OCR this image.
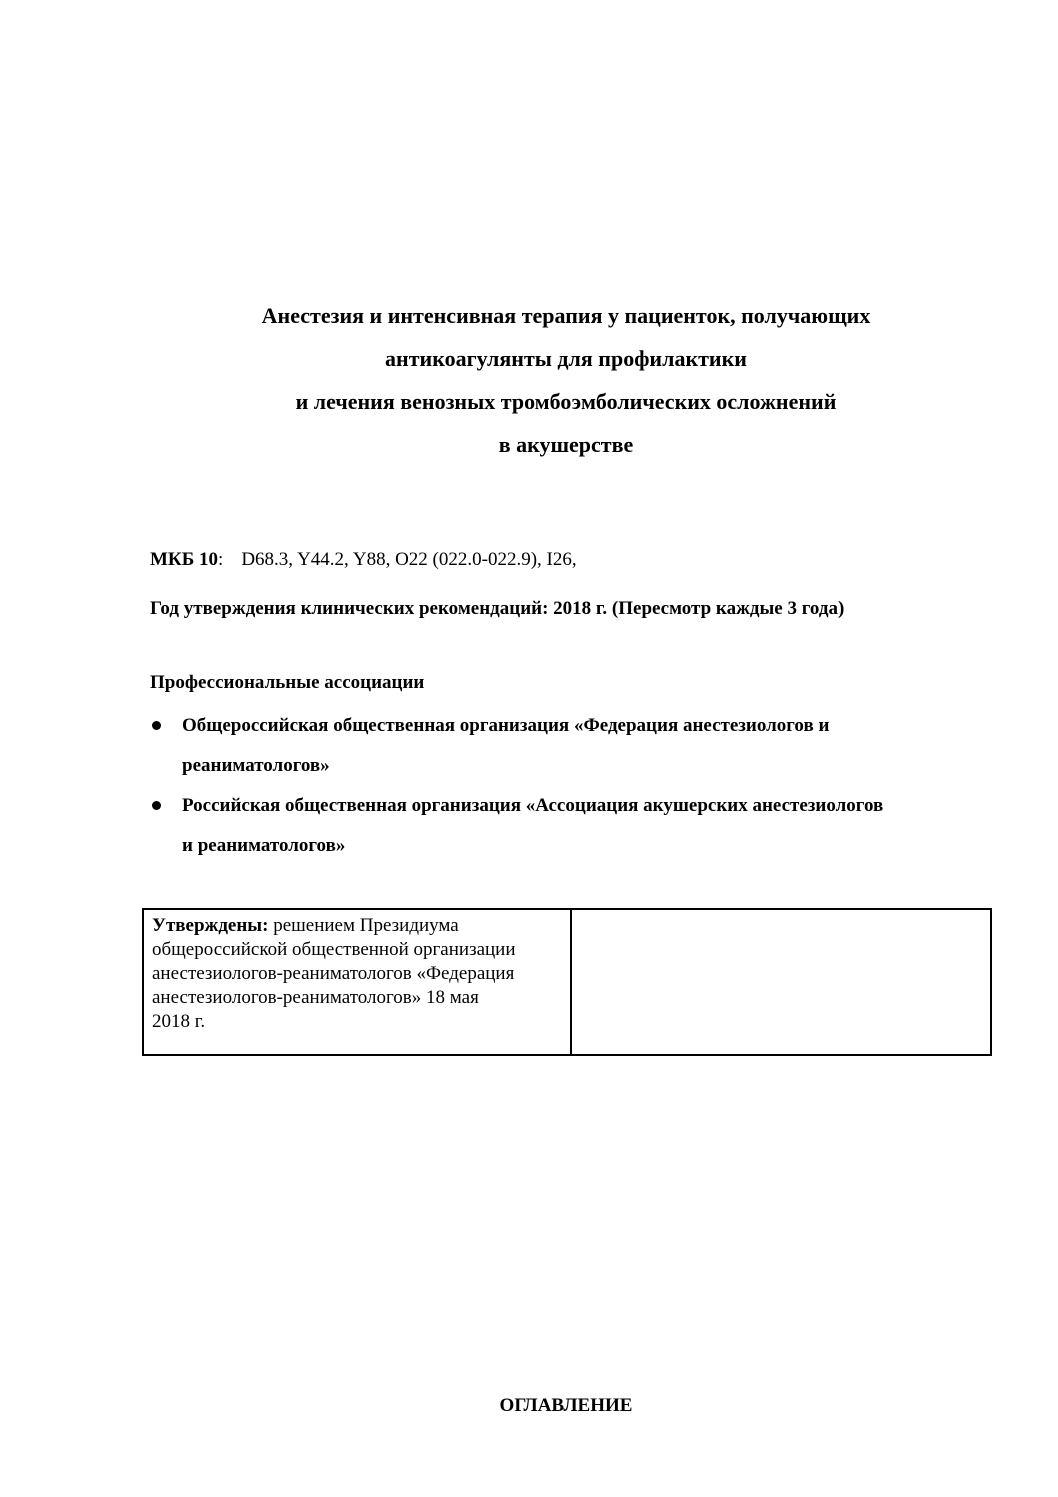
Анестезия и интенсивная терапия у пациенток, получающих
антикоагулянты для профилактики
и лечения венозных тромбоэмболических осложнений
в акушерстве
МКБ 10: D68.3, Y44.2, Y88, O22 (022.0-022.9), I26,
Год утверждения клинических рекомендаций: 2018 г. (Пересмотр каждые 3 года)
Профессиональные ассоциации
Общероссийская общественная организация «Федерация анестезиологов и
реаниматологов»
Российская общественная организация «Ассоциация акушерских анестезиологов
и реаниматологов»
Утверждены: решением Президиума
общероссийской общественной организации
анестезиологов-реаниматологов «Федерация
анестезиологов-реаниматологов» 18 мая
2018 г.
ОГЛАВЛЕНИЕ
